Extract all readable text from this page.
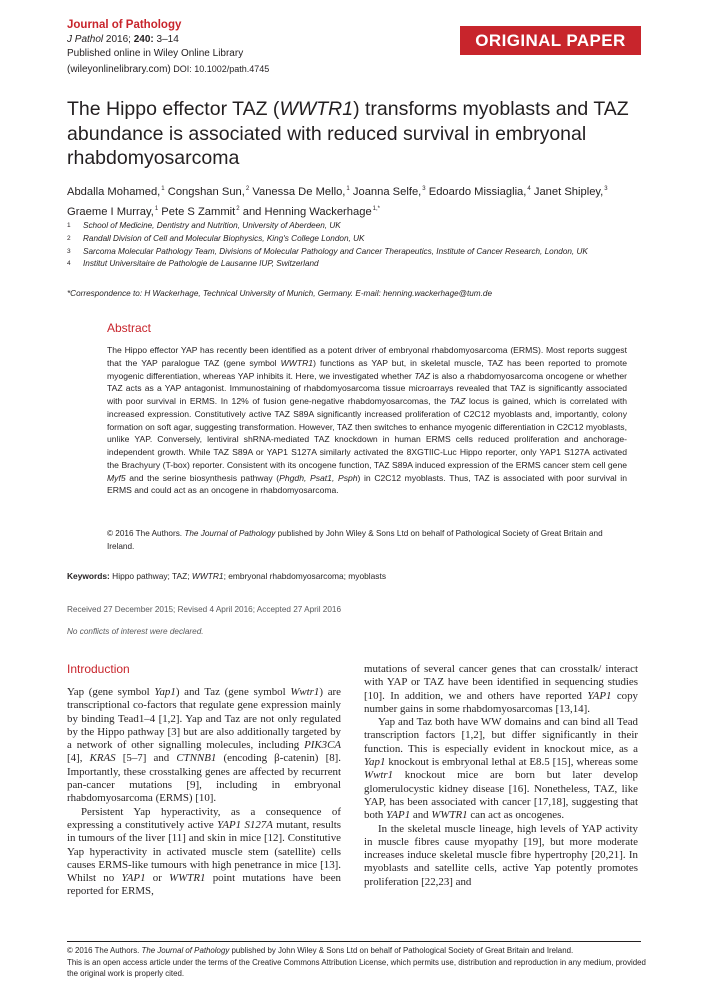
Journal of Pathology
J Pathol 2016; 240: 3–14
Published online in Wiley Online Library
(wileyonlinelibrary.com) DOI: 10.1002/path.4745
ORIGINAL PAPER
The Hippo effector TAZ (WWTR1) transforms myoblasts and TAZ abundance is associated with reduced survival in embryonal rhabdomyosarcoma
Abdalla Mohamed,$^1$ Congshan Sun,$^2$ Vanessa De Mello,$^1$ Joanna Selfe,$^3$ Edoardo Missiaglia,$^4$ Janet Shipley,$^3$
Graeme I Murray,$^1$ Pete S Zammit$^2$ and Henning Wackerhage$^{1,*}$
1	School of Medicine, Dentistry and Nutrition, University of Aberdeen, UK
2	Randall Division of Cell and Molecular Biophysics, King's College London, UK
3	Sarcoma Molecular Pathology Team, Divisions of Molecular Pathology and Cancer Therapeutics, Institute of Cancer Research, London, UK
4	Institut Universitaire de Pathologie de Lausanne IUP, Switzerland
*Correspondence to: H Wackerhage, Technical University of Munich, Germany. E-mail: henning.wackerhage@tum.de
Abstract
The Hippo effector YAP has recently been identified as a potent driver of embryonal rhabdomyosarcoma (ERMS). Most reports suggest that the YAP paralogue TAZ (gene symbol WWTR1) functions as YAP but, in skeletal muscle, TAZ has been reported to promote myogenic differentiation, whereas YAP inhibits it. Here, we investigated whether TAZ is also a rhabdomyosarcoma oncogene or whether TAZ acts as a YAP antagonist. Immunostaining of rhabdomyosarcoma tissue microarrays revealed that TAZ is significantly associated with poor survival in ERMS. In 12% of fusion gene-negative rhabdomyosarcomas, the TAZ locus is gained, which is correlated with increased expression. Constitutively active TAZ S89A significantly increased proliferation of C2C12 myoblasts and, importantly, colony formation on soft agar, suggesting transformation. However, TAZ then switches to enhance myogenic differentiation in C2C12 myoblasts, unlike YAP. Conversely, lentiviral shRNA-mediated TAZ knockdown in human ERMS cells reduced proliferation and anchorage-independent growth. While TAZ S89A or YAP1 S127A similarly activated the 8XGTIIC-Luc Hippo reporter, only YAP1 S127A activated the Brachyury (T-box) reporter. Consistent with its oncogene function, TAZ S89A induced expression of the ERMS cancer stem cell gene Myf5 and the serine biosynthesis pathway (Phgdh, Psat1, Psph) in C2C12 myoblasts. Thus, TAZ is associated with poor survival in ERMS and could act as an oncogene in rhabdomyosarcoma.
© 2016 The Authors. The Journal of Pathology published by John Wiley & Sons Ltd on behalf of Pathological Society of Great Britain and Ireland.
Keywords: Hippo pathway; TAZ; WWTR1; embryonal rhabdomyosarcoma; myoblasts
Received 27 December 2015; Revised 4 April 2016; Accepted 27 April 2016
No conflicts of interest were declared.
Introduction

Yap (gene symbol Yap1) and Taz (gene symbol Wwtr1) are transcriptional co-factors that regulate gene expression mainly by binding Tead1–4 [1,2]. Yap and Taz are not only regulated by the Hippo pathway [3] but are also additionally targeted by a network of other signalling molecules, including PIK3CA [4], KRAS [5–7] and CTNNB1 (encoding β-catenin) [8]. Importantly, these crosstalking genes are affected by recurrent pan-cancer mutations [9], including in embryonal rhabdomyosarcoma (ERMS) [10].

Persistent Yap hyperactivity, as a consequence of expressing a constitutively active YAP1 S127A mutant, results in tumours of the liver [11] and skin in mice [12]. Constitutive Yap hyperactivity in activated muscle stem (satellite) cells causes ERMS-like tumours with high penetrance in mice [13]. Whilst no YAP1 or WWTR1 point mutations have been reported for ERMS,

mutations of several cancer genes that can crosstalk/ interact with YAP or TAZ have been identified in sequencing studies [10]. In addition, we and others have reported YAP1 copy number gains in some rhabdomyosarcomas [13,14].

Yap and Taz both have WW domains and can bind all Tead transcription factors [1,2], but differ significantly in their function. This is especially evident in knockout mice, as a Yap1 knockout is embryonal lethal at E8.5 [15], whereas some Wwtr1 knockout mice are born but later develop glomerulocystic kidney disease [16]. Nonetheless, TAZ, like YAP, has been associated with cancer [17,18], suggesting that both YAP1 and WWTR1 can act as oncogenes.

In the skeletal muscle lineage, high levels of YAP activity in muscle fibres cause myopathy [19], but more moderate increases induce skeletal muscle fibre hypertrophy [20,21]. In myoblasts and satellite cells, active Yap potently promotes proliferation [22,23] and

© 2016 The Authors. The Journal of Pathology published by John Wiley & Sons Ltd on behalf of Pathological Society of Great Britain and Ireland.
This is an open access article under the terms of the Creative Commons Attribution License, which permits use, distribution and reproduction in any medium, provided the original work is properly cited.
